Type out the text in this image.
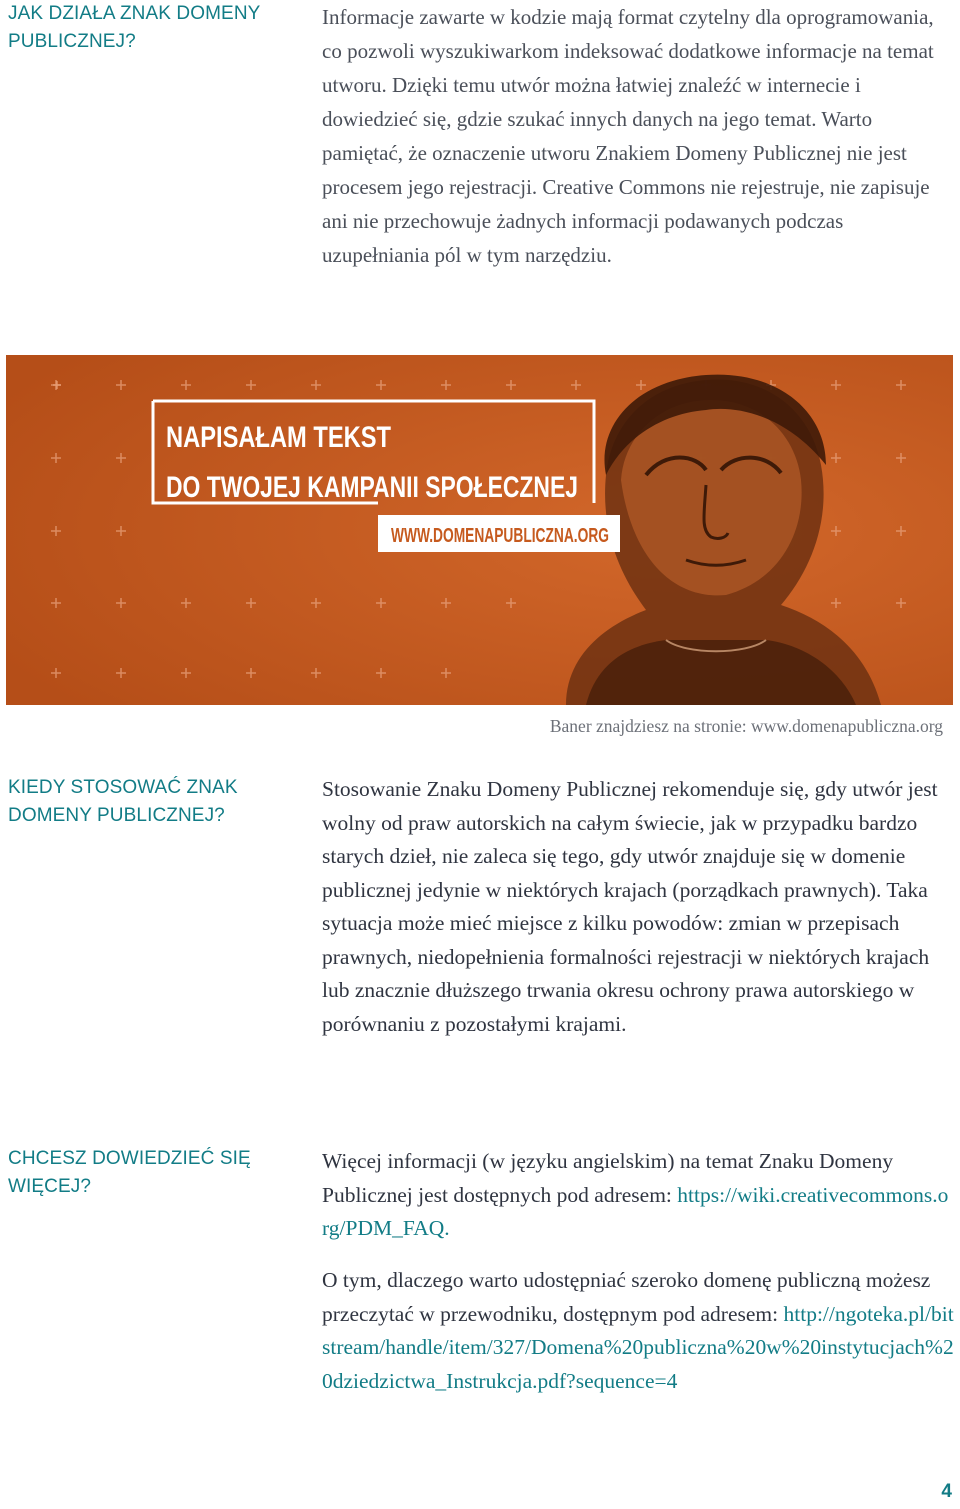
JAK DZIAŁA ZNAK DOMENY PUBLICZNEJ?
Informacje zawarte w kodzie mają format czytelny dla oprogramowania, co pozwoli wyszukiwarkom indeksować dodatkowe informacje na temat utworu. Dzięki temu utwór można łatwiej znaleźć w internecie i dowiedzieć się, gdzie szukać innych danych na jego temat. Warto pamiętać, że oznaczenie utworu Znakiem Domeny Publicznej nie jest procesem jego rejestracji. Creative Commons nie rejestruje, nie zapisuje ani nie przechowuje żadnych informacji podawanych podczas uzupełniania pól w tym narzędziu.
NAPISAŁAM TEKST
DO TWOJEJ KAMPANII SPOŁECZNEJ
WWW.DOMENAPUBLICZNA.ORG
Baner znajdziesz na stronie: www.domenapubliczna.org
KIEDY STOSOWAĆ ZNAK DOMENY PUBLICZNEJ?
Stosowanie Znaku Domeny Publicznej rekomenduje się, gdy utwór jest wolny od praw autorskich na całym świecie, jak w przypadku bardzo starych dzieł, nie zaleca się tego, gdy utwór znajduje się w domenie publicznej jedynie w niektórych krajach (porządkach prawnych). Taka sytuacja może mieć miejsce z kilku powodów: zmian w przepisach prawnych, niedopełnienia formalności rejestracji w niektórych krajach lub znacznie dłuższego trwania okresu ochrony prawa autorskiego w porównaniu z pozostałymi krajami.
CHCESZ DOWIEDZIEĆ SIĘ WIĘCEJ?
Więcej informacji (w języku angielskim) na temat Znaku Domeny Publicznej jest dostępnych pod adresem: https://wiki.creativecommons.org/PDM_FAQ.
O tym, dlaczego warto udostępniać szeroko domenę publiczną możesz przeczytać w przewodniku, dostępnym pod adresem: http://ngoteka.pl/bitstream/handle/item/327/Domena%20publiczna%20w%20instytucjach%20dziedzictwa_Instrukcja.pdf?sequence=4
4
